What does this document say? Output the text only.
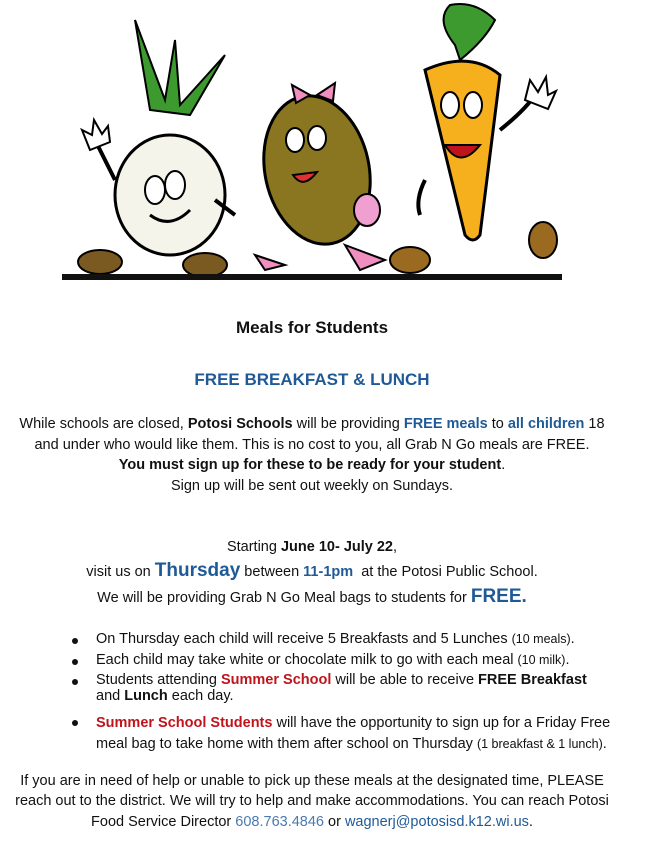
Meals for Students
FREE BREAKFAST & LUNCH
While schools are closed, Potosi Schools will be providing FREE meals to all children 18
and under who would like them. This is no cost to you, all Grab N Go meals are FREE.
You must sign up for these to be ready for your student.
Sign up will be sent out weekly on Sundays.
Starting June 10- July 22,
visit us on Thursday between 11-1pm  at the Potosi Public School.
We will be providing Grab N Go Meal bags to students for FREE.
On Thursday each child will receive 5 Breakfasts and 5 Lunches (10 meals).
Each child may take white or chocolate milk to go with each meal (10 milk).
Students attending Summer School will be able to receive FREE Breakfast
and Lunch each day.
Summer School Students will have the opportunity to sign up for a Friday Free
meal bag to take home with them after school on Thursday (1 breakfast & 1 lunch).
If you are in need of help or unable to pick up these meals at the designated time, PLEASE
reach out to the district. We will try to help and make accommodations. You can reach Potosi
Food Service Director 608.763.4846 or wagnerj@potosisd.k12.wi.us.
